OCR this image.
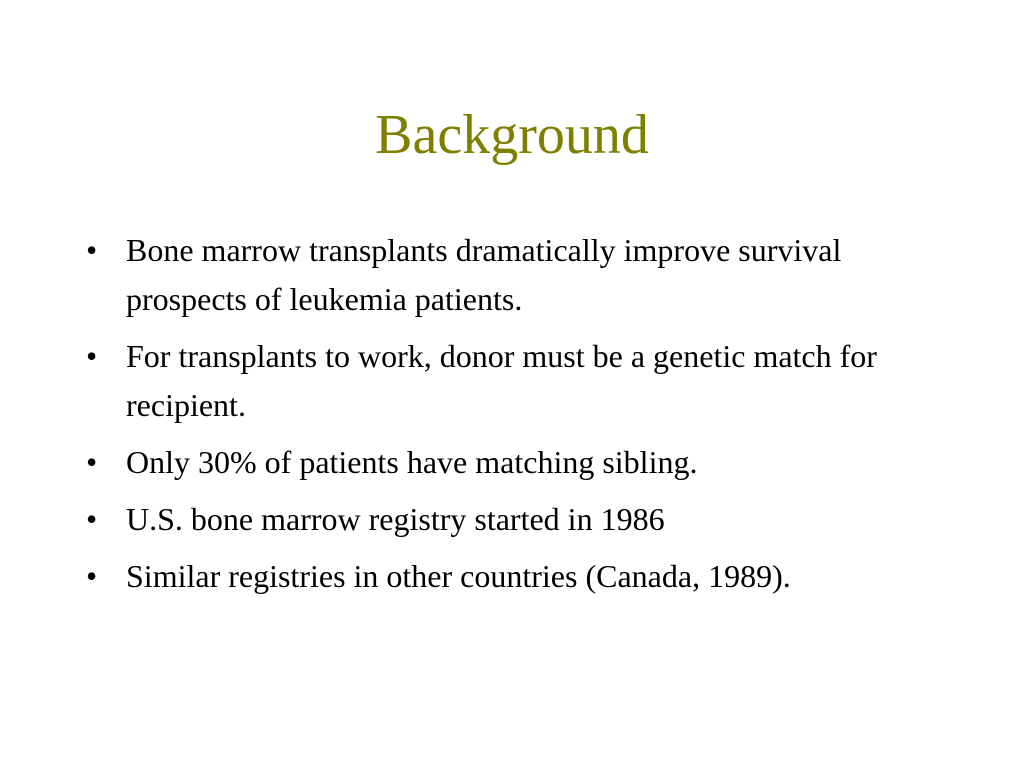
Background
• Bone marrow transplants dramatically improve survival prospects of leukemia patients.
• For transplants to work, donor must be a genetic match for recipient.
• Only 30% of patients have matching sibling.
• U.S. bone marrow registry started in 1986
• Similar registries in other countries (Canada, 1989).
